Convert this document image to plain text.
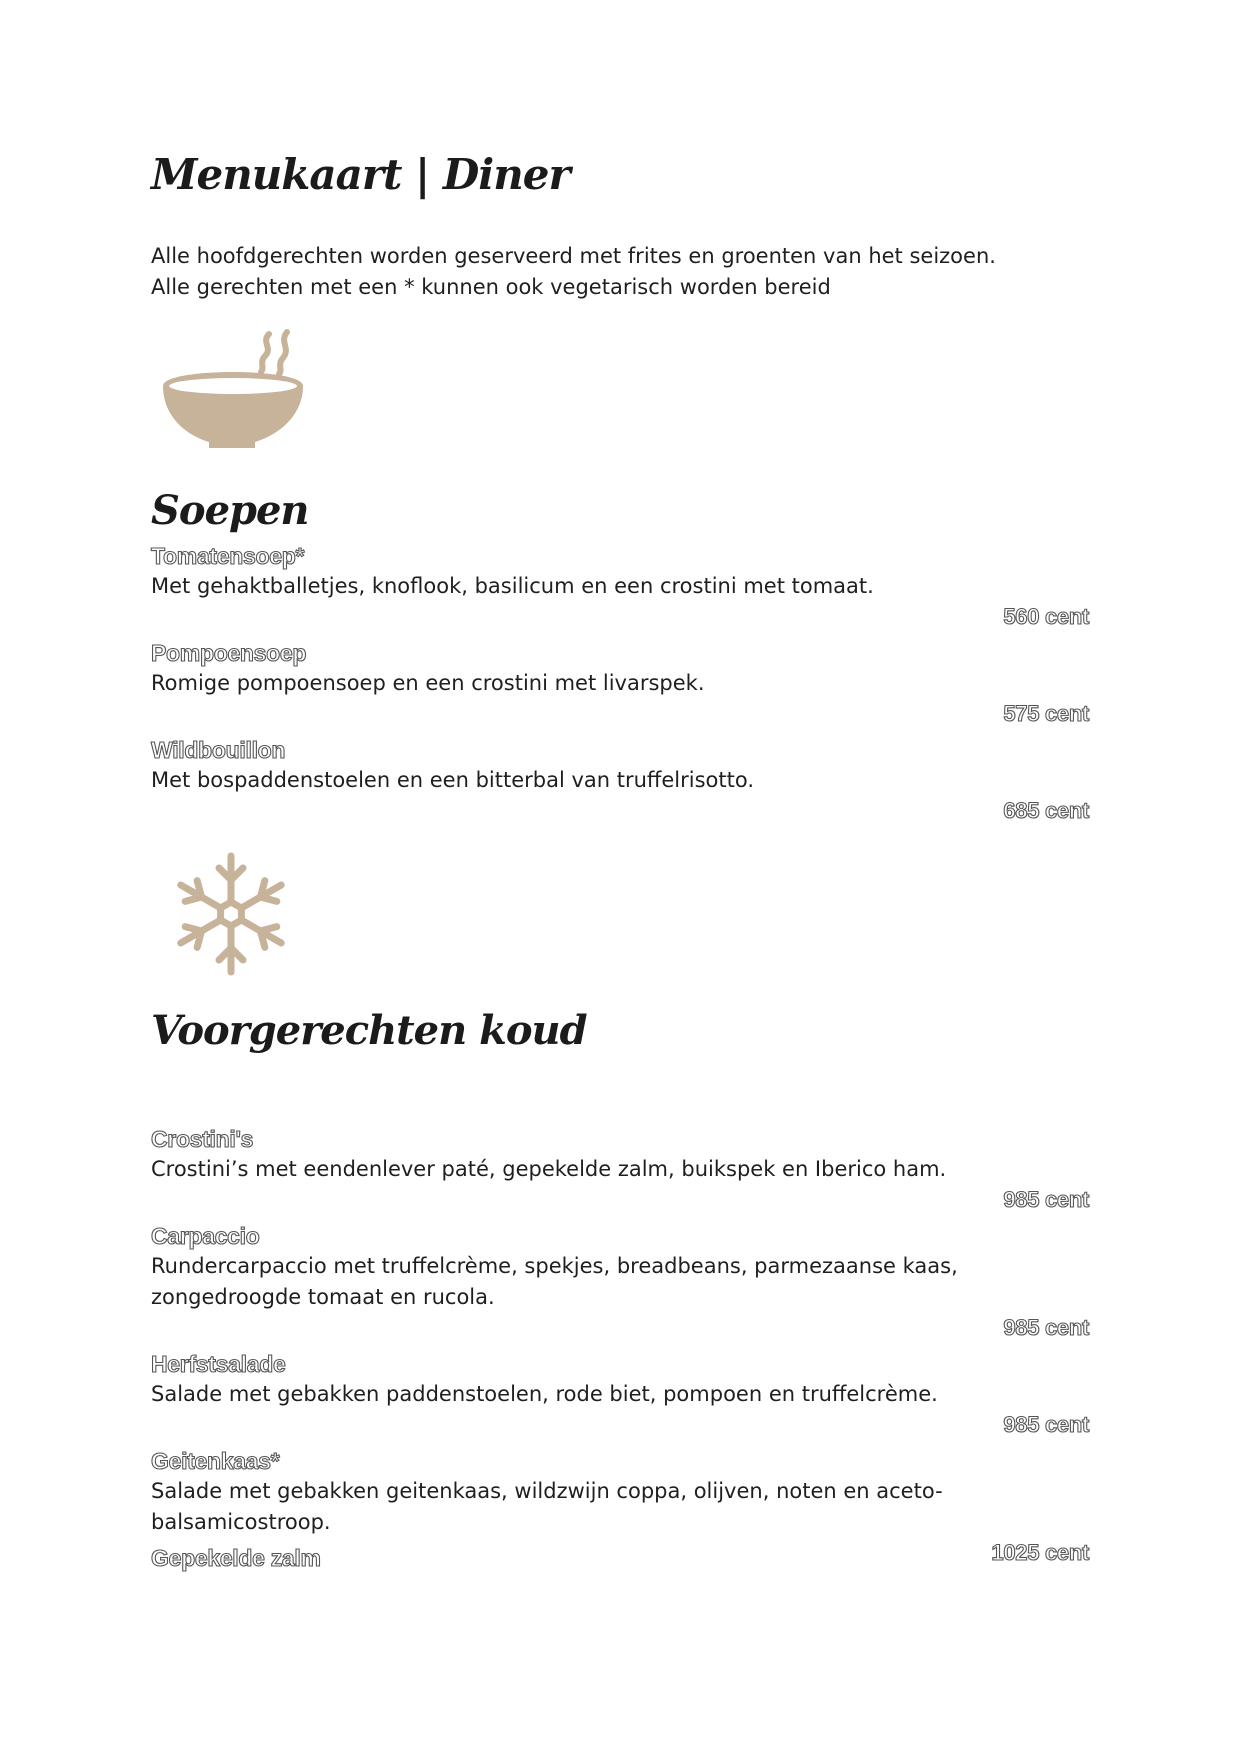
Menukaart | Diner
Alle hoofdgerechten worden geserveerd met frites en groenten van het seizoen.
Alle gerechten met een * kunnen ook vegetarisch worden bereid
Soepen
Tomatensoep*
Met gehaktballetjes, knoflook, basilicum en een crostini met tomaat.
560 cent
Pompoensoep
Romige pompoensoep en een crostini met livarspek.
575 cent
Wildbouillon
Met bospaddenstoelen en een bitterbal van truffelrisotto.
685 cent
Voorgerechten koud
Crostini's
Crostini’s met eendenlever paté, gepekelde zalm, buikspek en Iberico ham.
985 cent
Carpaccio
Rundercarpaccio met truffelcrème, spekjes, breadbeans, parmezaanse kaas, zongedroogde tomaat en rucola.
985 cent
Herfstsalade
Salade met gebakken paddenstoelen, rode biet, pompoen en truffelcrème.
985 cent
Geitenkaas*
Salade met gebakken geitenkaas, wildzwijn coppa, olijven, noten en aceto-balsamicostroop.
1025 cent
Gepekelde zalm
